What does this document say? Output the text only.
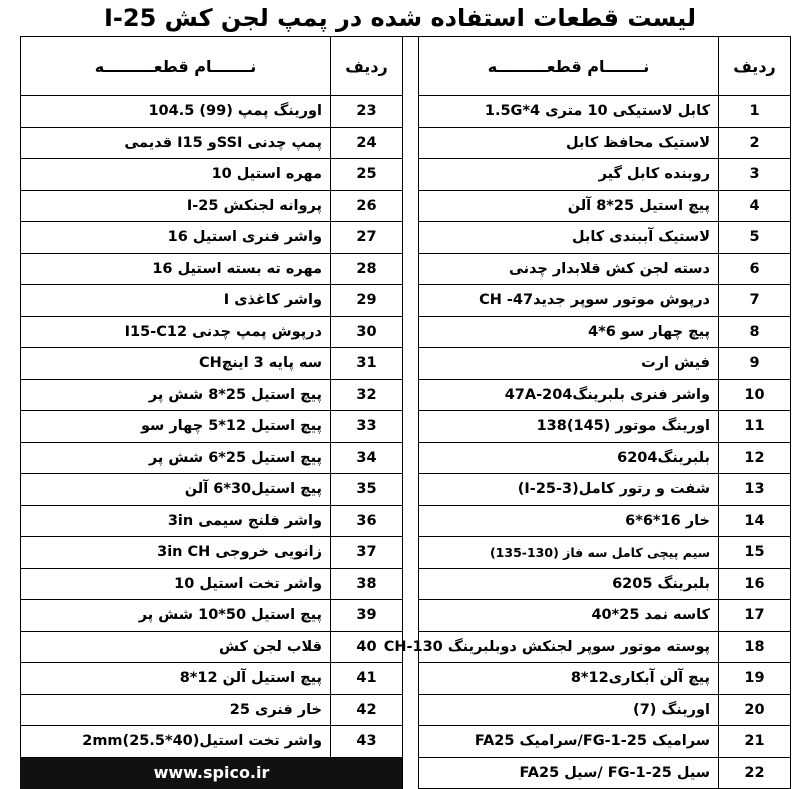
لیست قطعات استفاده شده در پمپ لجن کش I-25
ردیف	نـــــــام قطعـــــــــه		ردیف	نـــــــام قطعـــــــــه
1	کابل لاستیکی 10 متری 1.5G*4		23	اورینگ پمپ (99) 104.5
2	لاستیک محافظ کابل		24	پمپ چدنی SSIو I15 قدیمی
3	روبنده کابل گیر		25	مهره استیل 10
4	پیچ استیل 25*8 آلن		26	پروانه لجنکش I-25
5	لاستیک آببندی کابل		27	واشر فنری استیل 16
6	دسته لجن کش قلابدار چدنی		28	مهره ته بسته استیل 16
7	درپوش موتور سوپر جدید47- CH		29	واشر کاغذی I
8	پیچ چهار سو 6*4		30	درپوش پمپ چدنی I15-C12
9	فیش ارت		31	سه پایه 3 اینچCH
10	واشر فنری بلبرینگ47A-204		32	پیچ استیل 25*8 شش پر
11	اورینگ موتور (145)138		33	پیچ استیل 12*5 چهار سو
12	بلبرینگ6204		34	پیچ استیل 25*6 شش پر
13	شفت و رتور کامل(3-25-I)		35	پیچ استیل30*6 آلن
14	خار 16*6*6		36	واشر فلنج سیمی 3in
15	سیم پیچی کامل سه فاز (130-135)		37	زانویی خروجی 3in CH
16	بلبرینگ 6205		38	واشر تخت استیل 10
17	کاسه نمد 25*40		39	پیچ استیل 50*10 شش پر
18	پوسته موتور سوپر لجنکش دوبلبرینگ CH-130		40	قلاب لجن کش
19	پیچ آلن آبکاری12*8		41	پیچ استیل آلن 12*8
20	اورینگ (7)		42	خار فنری 25
21	سرامیک FG-1-25/سرامیک FA25		43	واشر تخت استیل(40*25.5)2mm
22	سیل FG-1-25 /سیل FA25		www.spico.ir	
